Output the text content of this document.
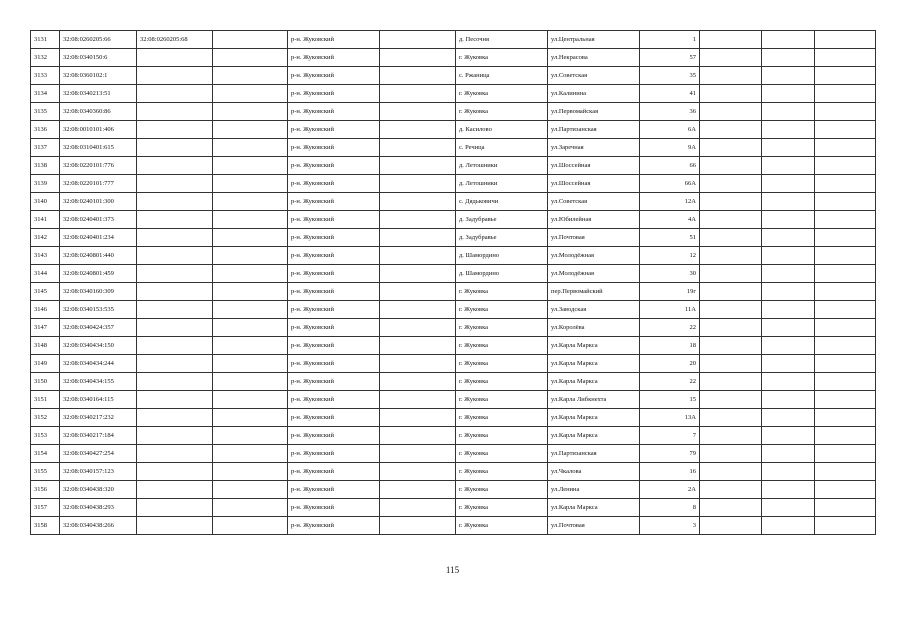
3131	32:08:0260205:66	32:08:0260205:68		р-н. Жуковский		д. Песочня	ул.Центральная	1			
3132	32:08:0340150:6			р-н. Жуковский		г. Жуковка	ул.Некрасова	57			
3133	32:08:0360102:1			р-н. Жуковский		с. Ржаница	ул.Советская	35			
3134	32:08:0340213:51			р-н. Жуковский		г. Жуковка	ул.Калинина	41			
3135	32:08:0340360:86			р-н. Жуковский		г. Жуковка	ул.Первомайская	36			
3136	32:08:0010101:406			р-н. Жуковский		д. Касилово	ул.Партизанская	6А			
3137	32:08:0310401:615			р-н. Жуковский		с. Речица	ул.Заречная	9А			
3138	32:08:0220101:776			р-н. Жуковский		д. Летошники	ул.Шоссейная	66			
3139	32:08:0220101:777			р-н. Жуковский		д. Летошники	ул.Шоссейная	66А			
3140	32:08:0240101:300			р-н. Жуковский		с. Дядьковичи	ул.Советская	12А			
3141	32:08:0240401:373			р-н. Жуковский		д. Задубравье	ул.Юбилейная	4А			
3142	32:08:0240401:234			р-н. Жуковский		д. Задубравье	ул.Почтовая	51			
3143	32:08:0240801:440			р-н. Жуковский		д. Шамордино	ул.Молодёжная	12			
3144	32:08:0240801:459			р-н. Жуковский		д. Шамордино	ул.Молодёжная	30			
3145	32:08:0340160:309			р-н. Жуковский		г. Жуковка	пер.Первомайский	19г			
3146	32:08:0340153:535			р-н. Жуковский		г. Жуковка	ул.Заводская	11А			
3147	32:08:0340424:357			р-н. Жуковский		г. Жуковка	ул.Королёва	22			
3148	32:08:0340434:150			р-н. Жуковский		г. Жуковка	ул.Карла Маркса	18			
3149	32:08:0340434:244			р-н. Жуковский		г. Жуковка	ул.Карла Маркса	20			
3150	32:08:0340434:155			р-н. Жуковский		г. Жуковка	ул.Карла Маркса	22			
3151	32:08:0340164:115			р-н. Жуковский		г. Жуковка	ул.Карла Либкнехта	15			
3152	32:08:0340217:232			р-н. Жуковский		г. Жуковка	ул.Карла Маркса	13А			
3153	32:08:0340217:184			р-н. Жуковский		г. Жуковка	ул.Карла Маркса	7			
3154	32:08:0340427:254			р-н. Жуковский		г. Жуковка	ул.Партизанская	79			
3155	32:08:0340157:123			р-н. Жуковский		г. Жуковка	ул.Чкалова	16			
3156	32:08:0340438:320			р-н. Жуковский		г. Жуковка	ул.Ленина	2А			
3157	32:08:0340438:293			р-н. Жуковский		г. Жуковка	ул.Карла Маркса	8			
3158	32:08:0340438:266			р-н. Жуковский		г. Жуковка	ул.Почтовая	3			
115
